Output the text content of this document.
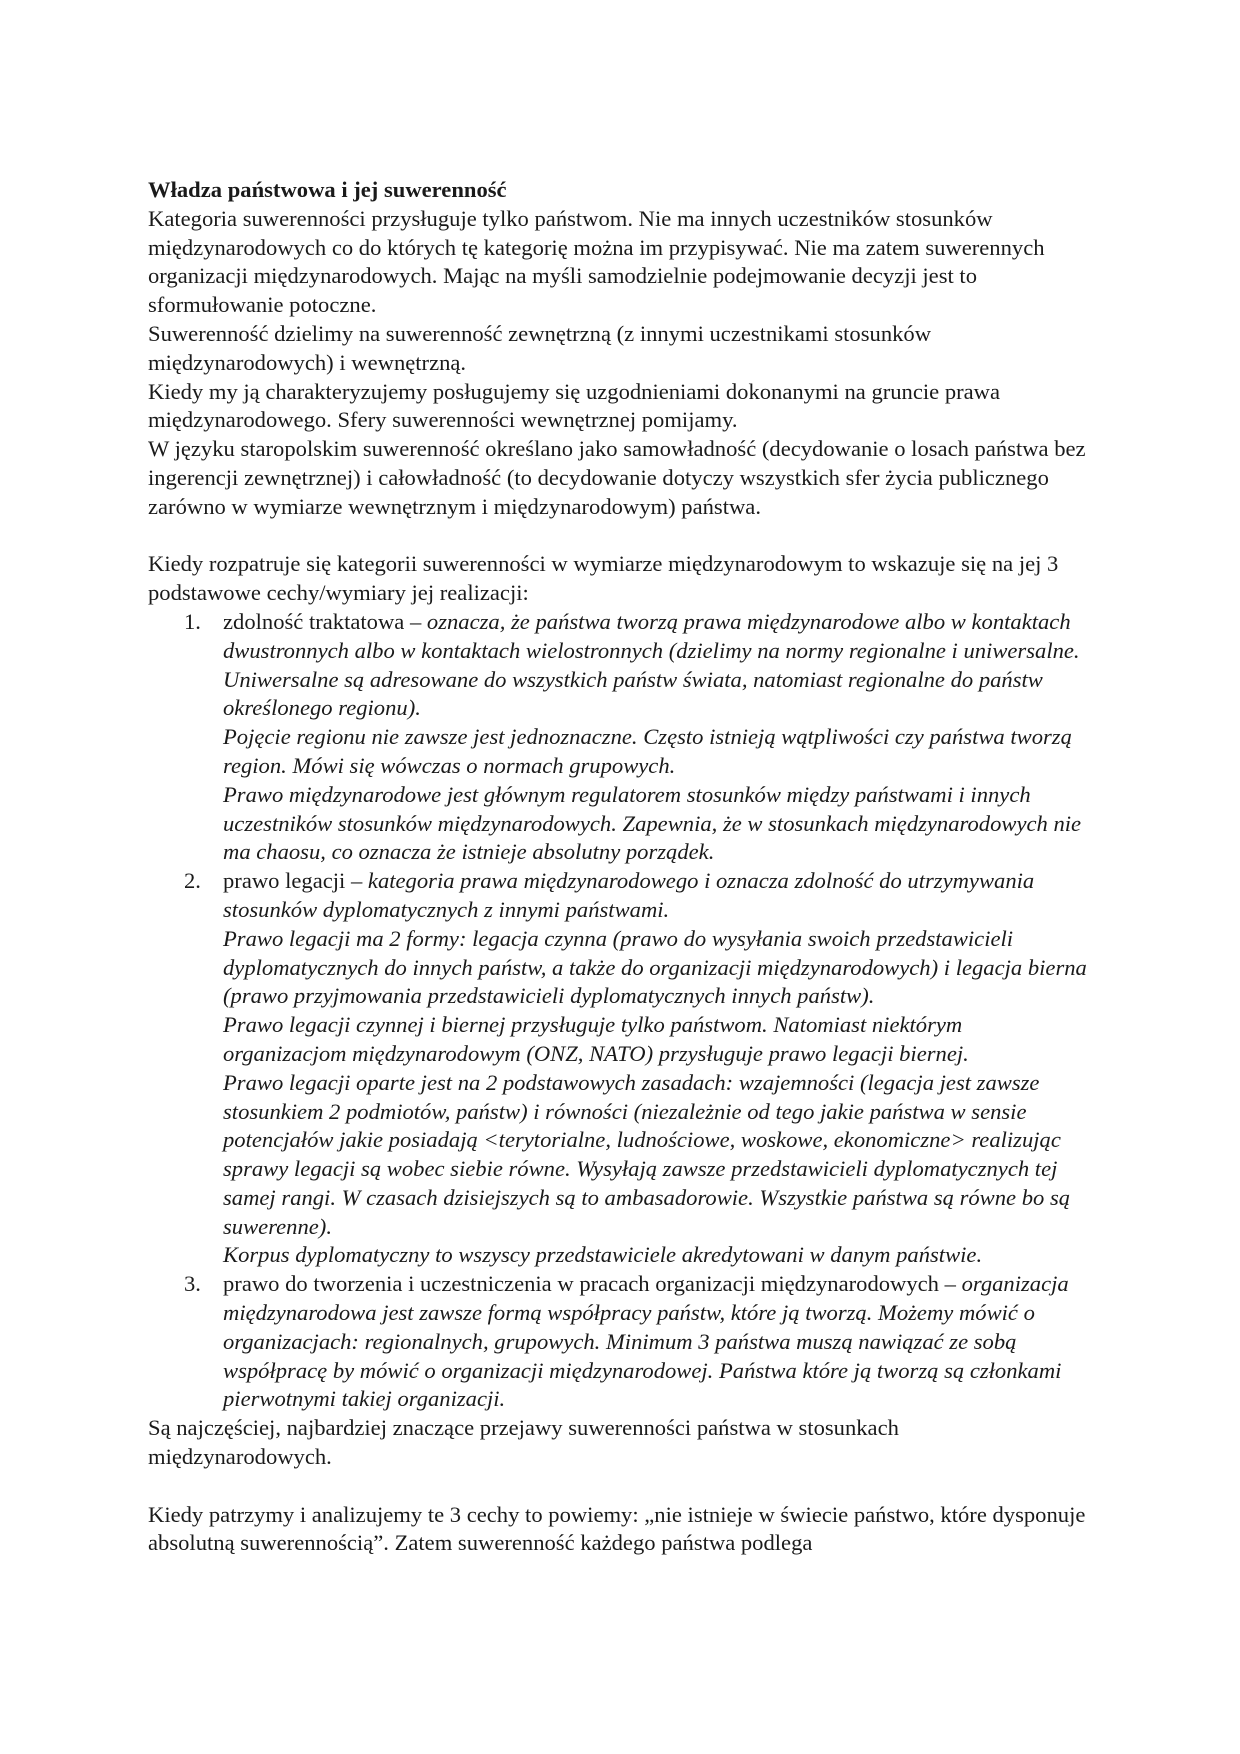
Władza państwowa i jej suwerenność

Kategoria suwerenności przysługuje tylko państwom. Nie ma innych uczestników stosunków międzynarodowych co do których tę kategorię można im przypisywać. Nie ma zatem suwerennych organizacji międzynarodowych. Mając na myśli samodzielnie podejmowanie decyzji jest to sformułowanie potoczne.

Suwerenność dzielimy na suwerenność zewnętrzną (z innymi uczestnikami stosunków międzynarodowych) i wewnętrzną.

Kiedy my ją charakteryzujemy posługujemy się uzgodnieniami dokonanymi na gruncie prawa międzynarodowego. Sfery suwerenności wewnętrznej pomijamy.

W języku staropolskim suwerenność określano jako samowładność (decydowanie o losach państwa bez ingerencji zewnętrznej) i całowładność (to decydowanie dotyczy wszystkich sfer życia publicznego zarówno w wymiarze wewnętrznym i międzynarodowym) państwa.

Kiedy rozpatruje się kategorii suwerenności w wymiarze międzynarodowym to wskazuje się na jej 3 podstawowe cechy/wymiary jej realizacji:

1. zdolność traktatowa – oznacza, że państwa tworzą prawa międzynarodowe albo w kontaktach dwustronnych albo w kontaktach wielostronnych (dzielimy na normy regionalne i uniwersalne. Uniwersalne są adresowane do wszystkich państw świata, natomiast regionalne do państw określonego regionu).
Pojęcie regionu nie zawsze jest jednoznaczne. Często istnieją wątpliwości czy państwa tworzą region. Mówi się wówczas o normach grupowych.
Prawo międzynarodowe jest głównym regulatorem stosunków między państwami i innych uczestników stosunków międzynarodowych. Zapewnia, że w stosunkach międzynarodowych nie ma chaosu, co oznacza że istnieje absolutny porządek.
2. prawo legacji – kategoria prawa międzynarodowego i oznacza zdolność do utrzymywania stosunków dyplomatycznych z innymi państwami.
Prawo legacji ma 2 formy: legacja czynna (prawo do wysyłania swoich przedstawicieli dyplomatycznych do innych państw, a także do organizacji międzynarodowych) i legacja bierna (prawo przyjmowania przedstawicieli dyplomatycznych innych państw).
Prawo legacji czynnej i biernej przysługuje tylko państwom. Natomiast niektórym organizacjom międzynarodowym (ONZ, NATO) przysługuje prawo legacji biernej.
Prawo legacji oparte jest na 2 podstawowych zasadach: wzajemności (legacja jest zawsze stosunkiem 2 podmiotów, państw) i równości (niezależnie od tego jakie państwa w sensie potencjałów jakie posiadają <terytorialne, ludnościowe, woskowe, ekonomiczne> realizując sprawy legacji są wobec siebie równe. Wysyłają zawsze przedstawicieli dyplomatycznych tej samej rangi. W czasach dzisiejszych są to ambasadorowie. Wszystkie państwa są równe bo są suwerenne).
Korpus dyplomatyczny to wszyscy przedstawiciele akredytowani w danym państwie.
3. prawo do tworzenia i uczestniczenia w pracach organizacji międzynarodowych – organizacja międzynarodowa jest zawsze formą współpracy państw, które ją tworzą. Możemy mówić o organizacjach: regionalnych, grupowych. Minimum 3 państwa muszą nawiązać ze sobą współpracę by mówić o organizacji międzynarodowej. Państwa które ją tworzą są członkami pierwotnymi takiej organizacji.

Są najczęściej, najbardziej znaczące przejawy suwerenności państwa w stosunkach międzynarodowych.

Kiedy patrzymy i analizujemy te 3 cechy to powiemy: „nie istnieje w świecie państwo, które dysponuje absolutną suwerennością”. Zatem suwerenność każdego państwa podlega
